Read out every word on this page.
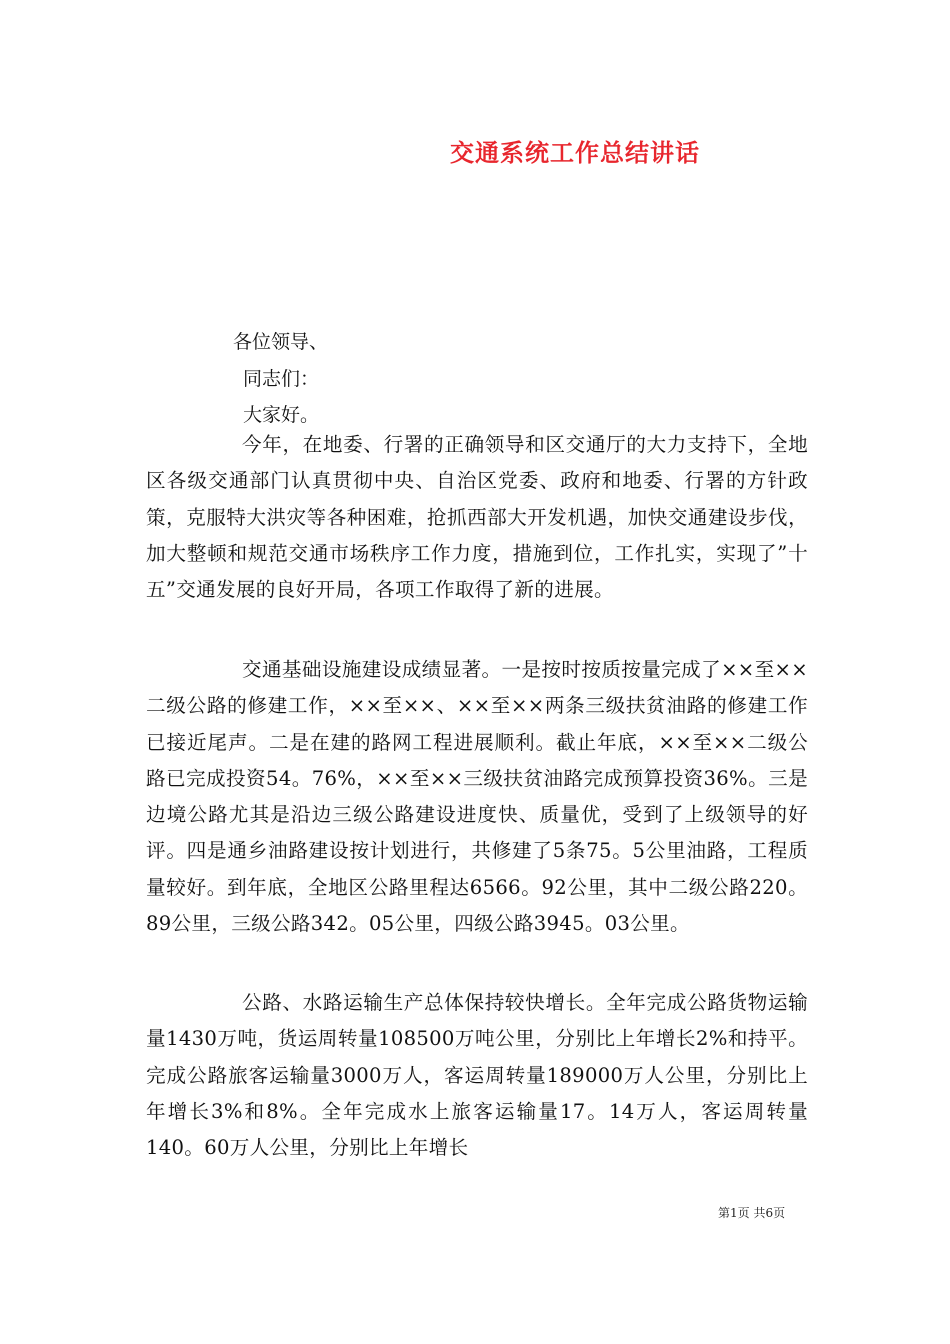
交通系统工作总结讲话
各位领导、
同志们：
大家好。

今年，在地委、行署的正确领导和区交通厅的大力支持下，全地区各级交通部门认真贯彻中央、自治区党委、政府和地委、行署的方针政策，克服特大洪灾等各种困难，抢抓西部大开发机遇，加快交通建设步伐，加大整顿和规范交通市场秩序工作力度，措施到位，工作扎实，实现了”十五”交通发展的良好开局，各项工作取得了新的进展。

交通基础设施建设成绩显著。一是按时按质按量完成了××至××二级公路的修建工作，××至××、××至××两条三级扶贫油路的修建工作已接近尾声。二是在建的路网工程进展顺利。截止年底，××至××二级公路已完成投资54。76%，××至××三级扶贫油路完成预算投资36%。三是边境公路尤其是沿边三级公路建设进度快、质量优，受到了上级领导的好评。四是通乡油路建设按计划进行，共修建了5条75。5公里油路，工程质量较好。到年底，全地区公路里程达6566。92公里，其中二级公路220。89公里，三级公路342。05公里，四级公路3945。03公里。

公路、水路运输生产总体保持较快增长。全年完成公路货物运输量1430万吨，货运周转量108500万吨公里，分别比上年增长2%和持平。完成公路旅客运输量3000万人，客运周转量189000万人公里，分别比上年增长3%和8%。全年完成水上旅客运输量17。14万人，客运周转量140。60万人公里，分别比上年增长

第1页 共6页
